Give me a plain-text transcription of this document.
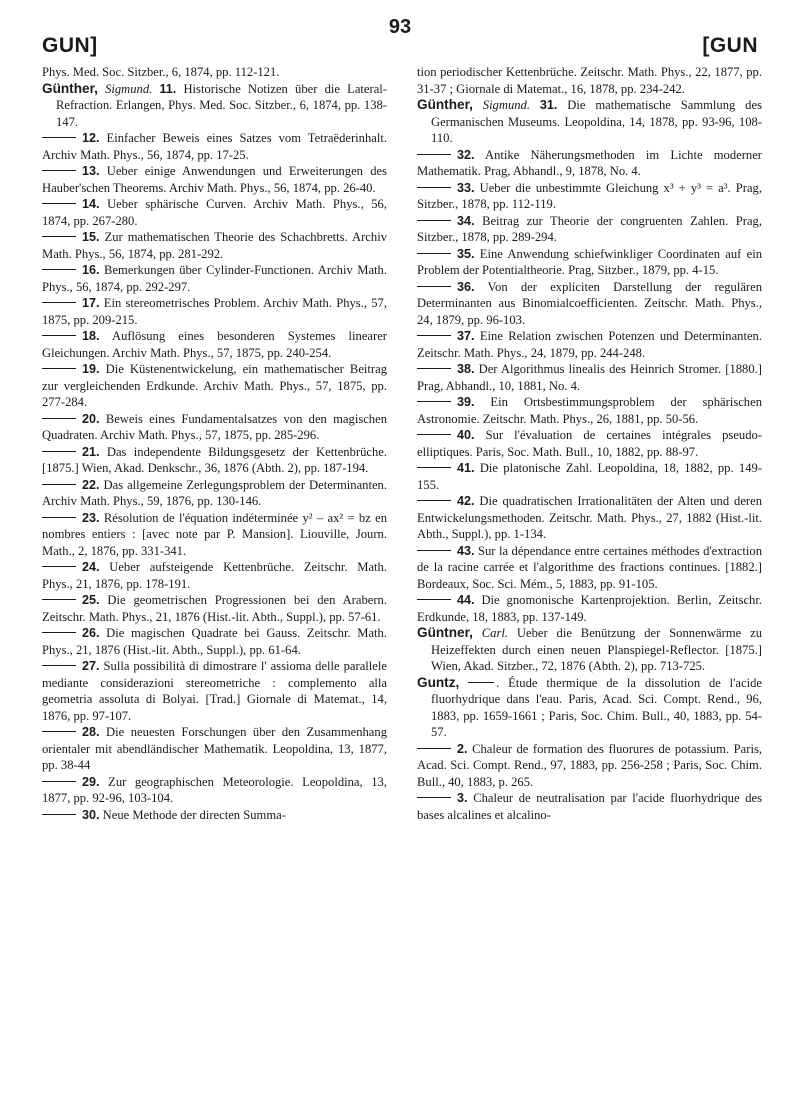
GUN]
93
[GUN

Phys. Med. Soc. Sitzber., 6, 1874, pp. 112-121.

Günther, Sigmund. 11. Historische Notizen über die Lateral-Refraction. Erlangen, Phys. Med. Soc. Sitzber., 6, 1874, pp. 138-147.

12. Einfacher Beweis eines Satzes vom Tetraëderinhalt. Archiv Math. Phys., 56, 1874, pp. 17-25.

13. Ueber einige Anwendungen und Erweiterungen des Hauber'schen Theorems. Archiv Math. Phys., 56, 1874, pp. 26-40.

14. Ueber sphärische Curven. Archiv Math. Phys., 56, 1874, pp. 267-280.

15. Zur mathematischen Theorie des Schachbretts. Archiv Math. Phys., 56, 1874, pp. 281-292.

16. Bemerkungen über Cylinder-Functionen. Archiv Math. Phys., 56, 1874, pp. 292-297.

17. Ein stereometrisches Problem. Archiv Math. Phys., 57, 1875, pp. 209-215.

18. Auflösung eines besonderen Systemes linearer Gleichungen. Archiv Math. Phys., 57, 1875, pp. 240-254.

19. Die Küstenentwickelung, ein mathematischer Beitrag zur vergleichenden Erdkunde. Archiv Math. Phys., 57, 1875, pp. 277-284.

20. Beweis eines Fundamentalsatzes von den magischen Quadraten. Archiv Math. Phys., 57, 1875, pp. 285-296.

21. Das independente Bildungsgesetz der Kettenbrüche. [1875.] Wien, Akad. Denkschr., 36, 1876 (Abth. 2), pp. 187-194.

22. Das allgemeine Zerlegungsproblem der Determinanten. Archiv Math. Phys., 59, 1876, pp. 130-146.

23. Résolution de l'équation indéterminée y² – ax² = bz en nombres entiers : [avec note par P. Mansion]. Liouville, Journ. Math., 2, 1876, pp. 331-341.

24. Ueber aufsteigende Kettenbrüche. Zeitschr. Math. Phys., 21, 1876, pp. 178-191.

25. Die geometrischen Progressionen bei den Arabern. Zeitschr. Math. Phys., 21, 1876 (Hist.-lit. Abth., Suppl.), pp. 57-61.

26. Die magischen Quadrate bei Gauss. Zeitschr. Math. Phys., 21, 1876 (Hist.-lit. Abth., Suppl.), pp. 61-64.

27. Sulla possibilità di dimostrare l' assioma delle parallele mediante considerazioni stereometriche : complemento alla geometria assoluta di Bolyai. [Trad.] Giornale di Matemat., 14, 1876, pp. 97-107.

28. Die neuesten Forschungen über den Zusammenhang orientaler mit abendländischer Mathematik. Leopoldina, 13, 1877, pp. 38-44

29. Zur geographischen Meteorologie. Leopoldina, 13, 1877, pp. 92-96, 103-104.

30. Neue Methode der directen Summa-

tion periodischer Kettenbrüche. Zeitschr. Math. Phys., 22, 1877, pp. 31-37 ; Giornale di Matemat., 16, 1878, pp. 234-242.

Günther, Sigmund. 31. Die mathematische Sammlung des Germanischen Museums. Leopoldina, 14, 1878, pp. 93-96, 108-110.

32. Antike Näherungsmethoden im Lichte moderner Mathematik. Prag, Abhandl., 9, 1878, No. 4.

33. Ueber die unbestimmte Gleichung x³ + y³ = a³. Prag, Sitzber., 1878, pp. 112-119.

34. Beitrag zur Theorie der congruenten Zahlen. Prag, Sitzber., 1878, pp. 289-294.

35. Eine Anwendung schiefwinkliger Coordinaten auf ein Problem der Potentialtheorie. Prag, Sitzber., 1879, pp. 4-15.

36. Von der expliciten Darstellung der regulären Determinanten aus Binomialcoefficienten. Zeitschr. Math. Phys., 24, 1879, pp. 96-103.

37. Eine Relation zwischen Potenzen und Determinanten. Zeitschr. Math. Phys., 24, 1879, pp. 244-248.

38. Der Algorithmus linealis des Heinrich Stromer. [1880.] Prag, Abhandl., 10, 1881, No. 4.

39. Ein Ortsbestimmungsproblem der sphärischen Astronomie. Zeitschr. Math. Phys., 26, 1881, pp. 50-56.

40. Sur l'évaluation de certaines intégrales pseudo-elliptiques. Paris, Soc. Math. Bull., 10, 1882, pp. 88-97.

41. Die platonische Zahl. Leopoldina, 18, 1882, pp. 149-155.

42. Die quadratischen Irrationalitäten der Alten und deren Entwickelungsmethoden. Zeitschr. Math. Phys., 27, 1882 (Hist.-lit. Abth., Suppl.), pp. 1-134.

43. Sur la dépendance entre certaines méthodes d'extraction de la racine carrée et l'algorithme des fractions continues. [1882.] Bordeaux, Soc. Sci. Mém., 5, 1883, pp. 91-105.

44. Die gnomonische Kartenprojektion. Berlin, Zeitschr. Erdkunde, 18, 1883, pp. 137-149.

Güntner, Carl. Ueber die Benützung der Sonnenwärme zu Heizeffekten durch einen neuen Planspiegel-Reflector. [1875.] Wien, Akad. Sitzber., 72, 1876 (Abth. 2), pp. 713-725.

Guntz,	. Étude thermique de la dissolution de l'acide fluorhydrique dans l'eau. Paris, Acad. Sci. Compt. Rend., 96, 1883, pp. 1659-1661 ; Paris, Soc. Chim. Bull., 40, 1883, pp. 54-57.

2. Chaleur de formation des fluorures de potassium. Paris, Acad. Sci. Compt. Rend., 97, 1883, pp. 256-258 ; Paris, Soc. Chim. Bull., 40, 1883, p. 265.

3. Chaleur de neutralisation par l'acide fluorhydrique des bases alcalines et alcalino-
